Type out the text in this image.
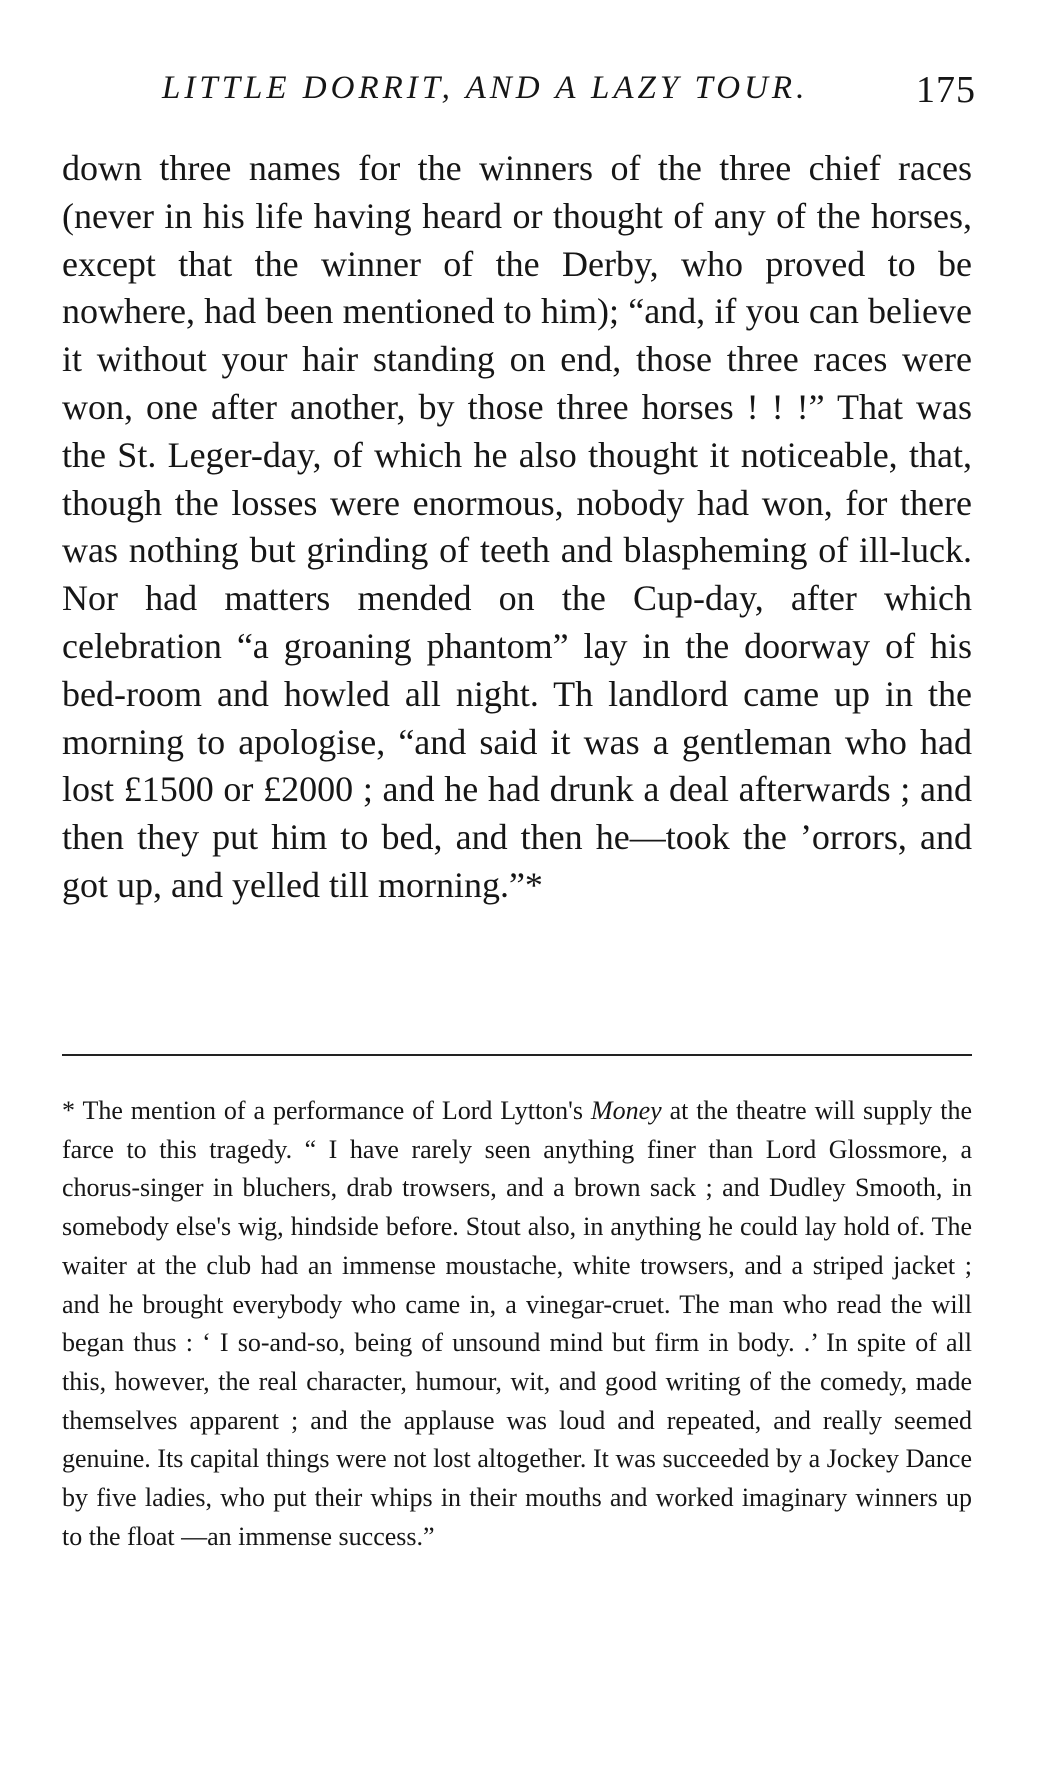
LITTLE DORRIT, AND A LAZY TOUR.	175

down three names for the winners of the three chief races (never in his life having heard or thought of any of the horses, except that the winner of the Derby, who proved to be nowhere, had been mentioned to him); “and, if you can believe it without your hair standing on end, those three races were won, one after another, by those three horses ! ! !” That was the St. Leger-day, of which he also thought it noticeable, that, though the losses were enormous, nobody had won, for there was nothing but grinding of teeth and blaspheming of ill-luck. Nor had matters mended on the Cup-day, after which celebration “a groaning phantom” lay in the doorway of his bed-room and howled all night. Th landlord came up in the morning to apologise, “and said it was a gentleman who had lost £1500 or £2000 ; and he had drunk a deal afterwards ; and then they put him to bed, and then he—took the ’orrors, and got up, and yelled till morning.”*

* The mention of a performance of Lord Lytton's Money at the theatre will supply the farce to this tragedy. “ I have rarely seen anything finer than Lord Glossmore, a chorus-singer in bluchers, drab trowsers, and a brown sack ; and Dudley Smooth, in somebody else's wig, hindside before. Stout also, in anything he could lay hold of. The waiter at the club had an immense moustache, white trowsers, and a striped jacket ; and he brought everybody who came in, a vinegar-cruet. The man who read the will began thus : ‘ I so-and-so, being of unsound mind but firm in body. .’ In spite of all this, however, the real character, humour, wit, and good writing of the comedy, made themselves apparent ; and the applause was loud and repeated, and really seemed genuine. Its capital things were not lost altogether. It was succeeded by a Jockey Dance by five ladies, who put their whips in their mouths and worked imaginary winners up to the float —an immense success.”
